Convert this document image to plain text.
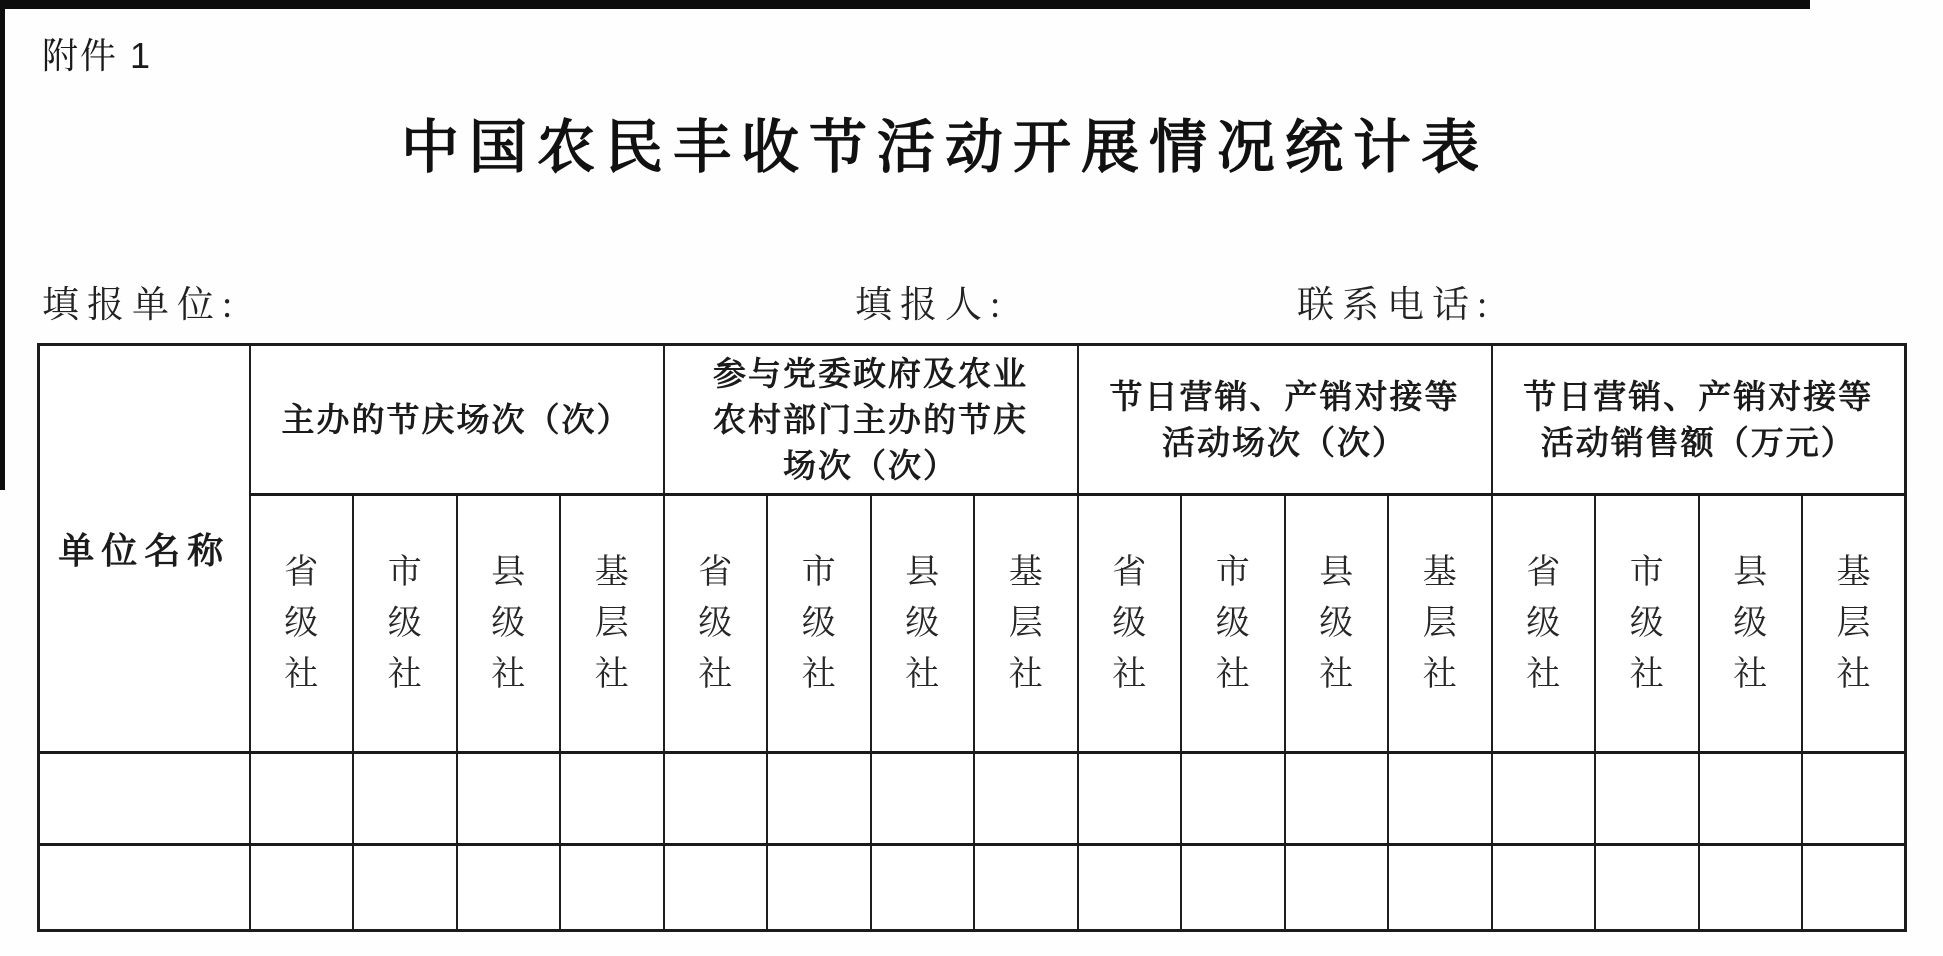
附件 1
中国农民丰收节活动开展情况统计表
填报单位:	填报人:	联系电话:
单位名称	
主办的节庆场次（次）

参与党委政府及农业
农村部门主办的节庆
场次（次）

节日营销、产销对接等
活动场次（次）

节日营销、产销对接等
活动销售额（万元）

	省级社	市级社	县级社	基层社	省级社	市级社	县级社	基层社	省级社	市级社	县级社	基层社	省级社	市级社	县级社	基层社
